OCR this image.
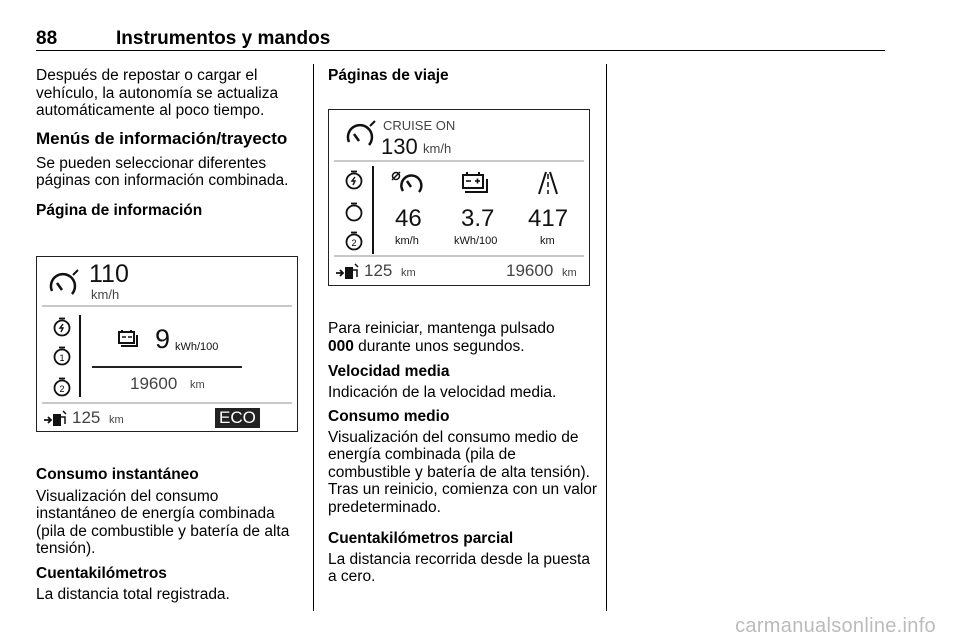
88	Instrumentos y mandos

Después de repostar o cargar el vehículo, la autonomía se actualiza automáticamente al poco tiempo.

Menús de información/trayecto

Se pueden seleccionar diferentes páginas con información combinada.

Página de información
110
km/h
1
2
9 kWh/100
19600 km
125 km	ECO
Consumo instantáneo

Visualización del consumo instantáneo de energía combinada (pila de combustible y batería de alta tensión).

Cuentakilómetros

La distancia total registrada.

Páginas de viaje
CRUISE ON
130 km/h
2
46 3.7 417
km/h	kWh/100	km
125 km	19600 km

Para reiniciar, mantenga pulsado
000 durante unos segundos.

Velocidad media

Indicación de la velocidad media.

Consumo medio

Visualización del consumo medio de energía combinada (pila de combustible y batería de alta tensión). Tras un reinicio, comienza con un valor predeterminado.

Cuentakilómetros parcial

La distancia recorrida desde la puesta a cero.

carmanualsonline.info
